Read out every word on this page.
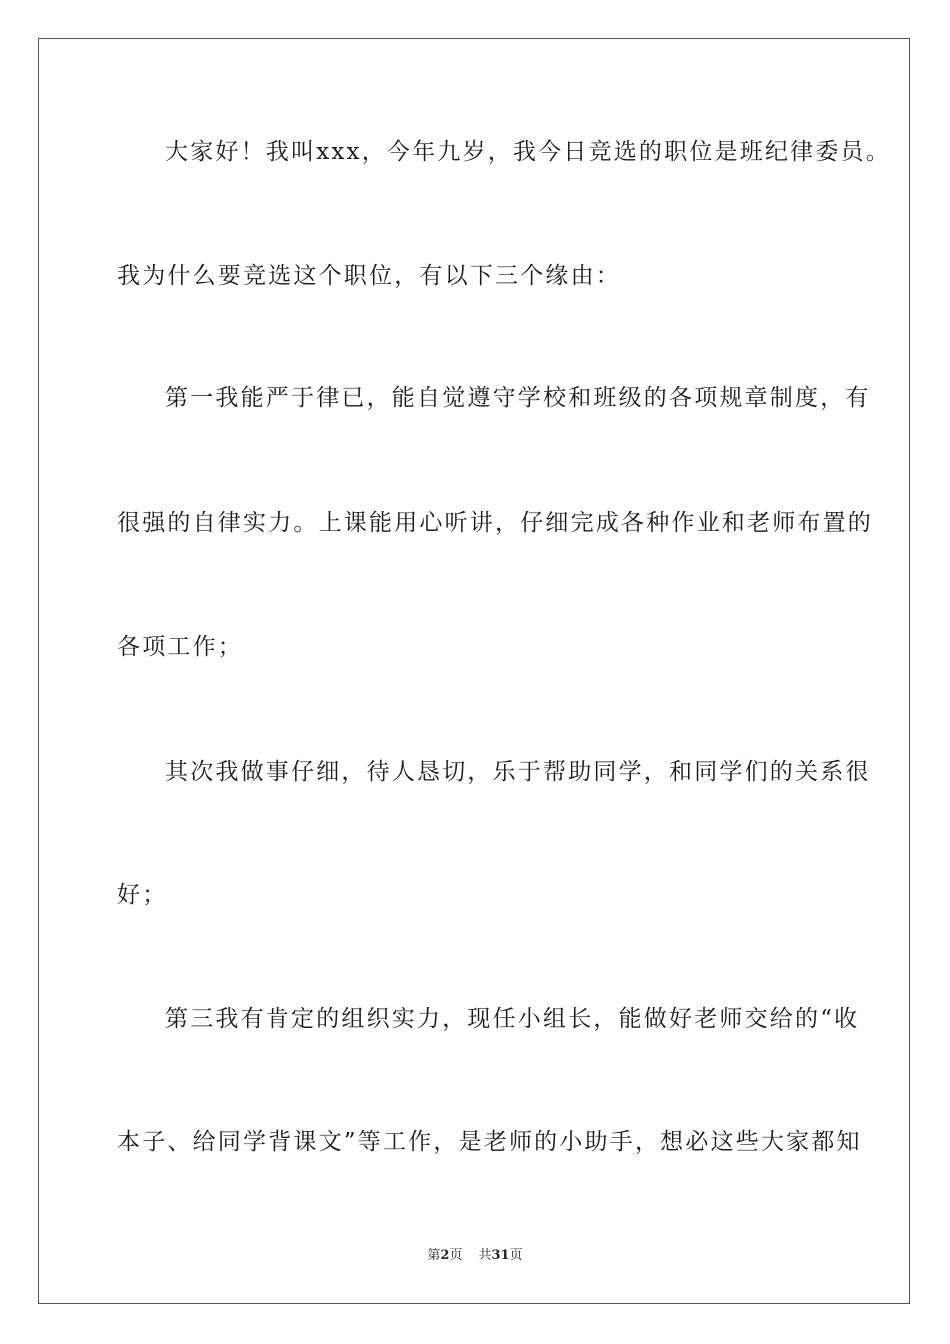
大家好！我叫xxx，今年九岁，我今日竞选的职位是班纪律委员。
我为什么要竞选这个职位，有以下三个缘由：
第一我能严于律已，能自觉遵守学校和班级的各项规章制度，有
很强的自律实力。上课能用心听讲，仔细完成各种作业和老师布置的
各项工作；
其次我做事仔细，待人恳切，乐于帮助同学，和同学们的关系很
好；
第三我有肯定的组织实力，现任小组长，能做好老师交给的“收
本子、给同学背课文”等工作，是老师的小助手，想必这些大家都知
第2页 共31页
